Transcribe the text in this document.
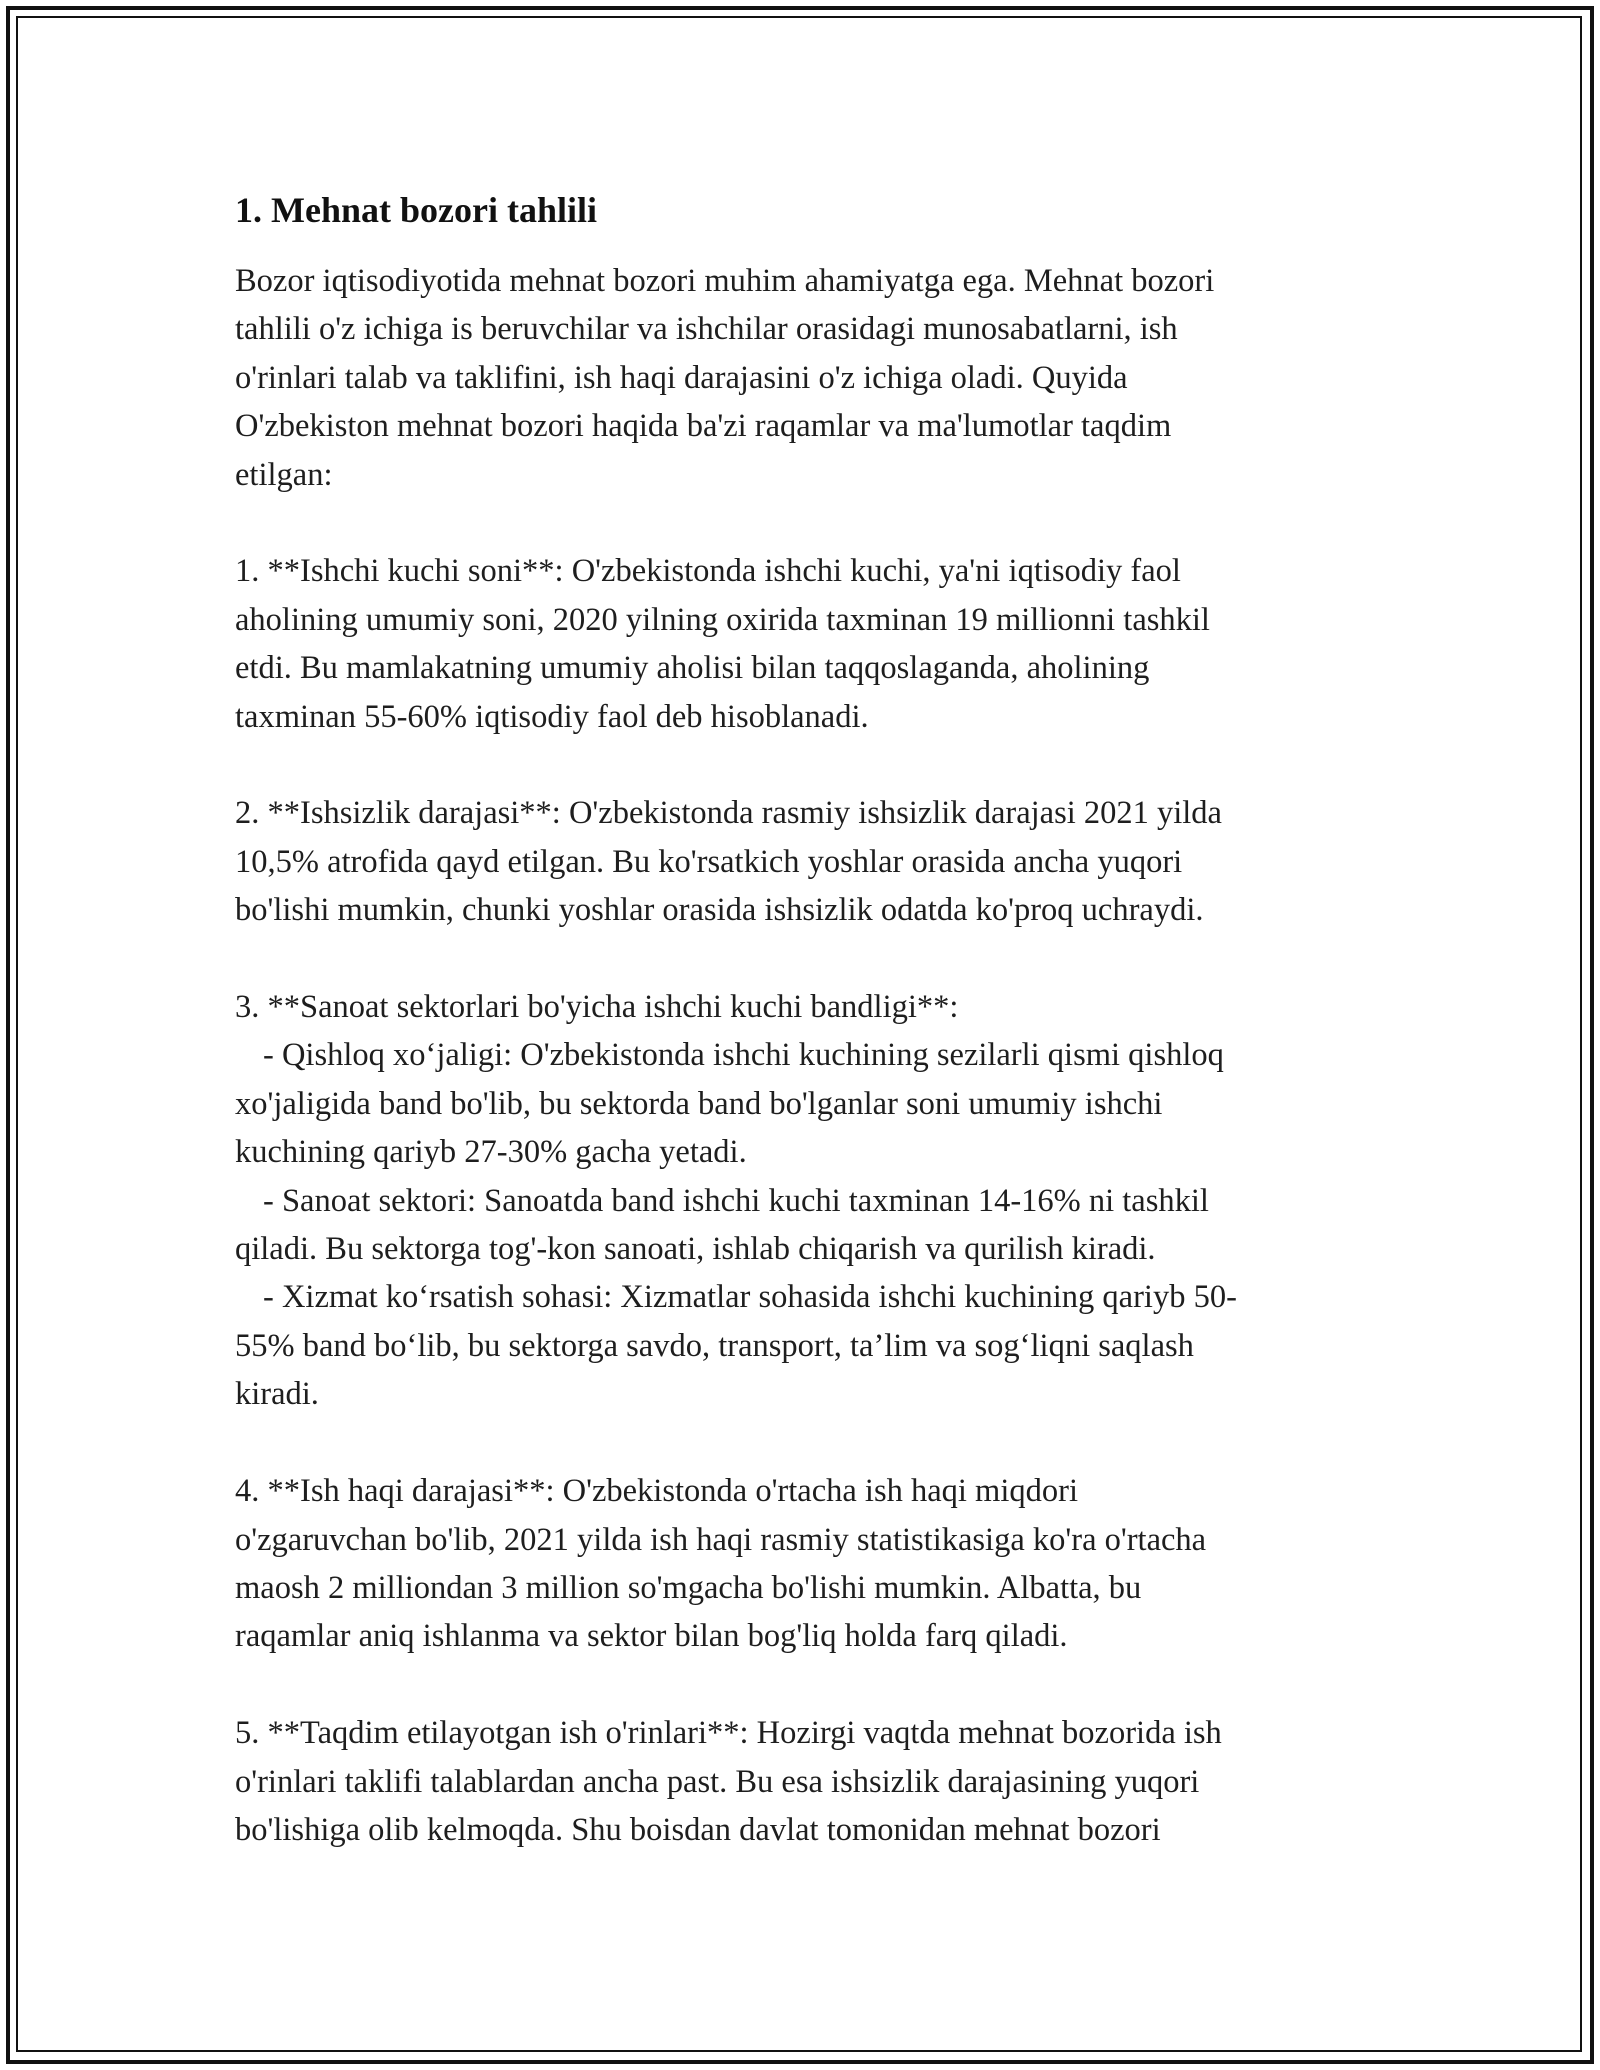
1. Mehnat bozori tahlili
Bozor iqtisodiyotida mehnat bozori muhim ahamiyatga ega. Mehnat bozori
tahlili o'z ichiga is beruvchilar va ishchilar orasidagi munosabatlarni, ish
o'rinlari talab va taklifini, ish haqi darajasini o'z ichiga oladi. Quyida
O'zbekiston mehnat bozori haqida ba'zi raqamlar va ma'lumotlar taqdim
etilgan:
1. **Ishchi kuchi soni**: O'zbekistonda ishchi kuchi, ya'ni iqtisodiy faol
aholining umumiy soni, 2020 yilning oxirida taxminan 19 millionni tashkil
etdi. Bu mamlakatning umumiy aholisi bilan taqqoslaganda, aholining
taxminan 55-60% iqtisodiy faol deb hisoblanadi.
2. **Ishsizlik darajasi**: O'zbekistonda rasmiy ishsizlik darajasi 2021 yilda
10,5% atrofida qayd etilgan. Bu ko'rsatkich yoshlar orasida ancha yuqori
bo'lishi mumkin, chunki yoshlar orasida ishsizlik odatda ko'proq uchraydi.
3. **Sanoat sektorlari bo'yicha ishchi kuchi bandligi**:
- Qishloq xo‘jaligi: O'zbekistonda ishchi kuchining sezilarli qismi qishloq
xo'jaligida band bo'lib, bu sektorda band bo'lganlar soni umumiy ishchi
kuchining qariyb 27-30% gacha yetadi.
- Sanoat sektori: Sanoatda band ishchi kuchi taxminan 14-16% ni tashkil
qiladi. Bu sektorga tog'-kon sanoati, ishlab chiqarish va qurilish kiradi.
- Xizmat ko‘rsatish sohasi: Xizmatlar sohasida ishchi kuchining qariyb 50-
55% band bo‘lib, bu sektorga savdo, transport, ta’lim va sog‘liqni saqlash
kiradi.
4. **Ish haqi darajasi**: O'zbekistonda o'rtacha ish haqi miqdori
o'zgaruvchan bo'lib, 2021 yilda ish haqi rasmiy statistikasiga ko'ra o'rtacha
maosh 2 milliondan 3 million so'mgacha bo'lishi mumkin. Albatta, bu
raqamlar aniq ishlanma va sektor bilan bog'liq holda farq qiladi.
5. **Taqdim etilayotgan ish o'rinlari**: Hozirgi vaqtda mehnat bozorida ish
o'rinlari taklifi talablardan ancha past. Bu esa ishsizlik darajasining yuqori
bo'lishiga olib kelmoqda. Shu boisdan davlat tomonidan mehnat bozori
